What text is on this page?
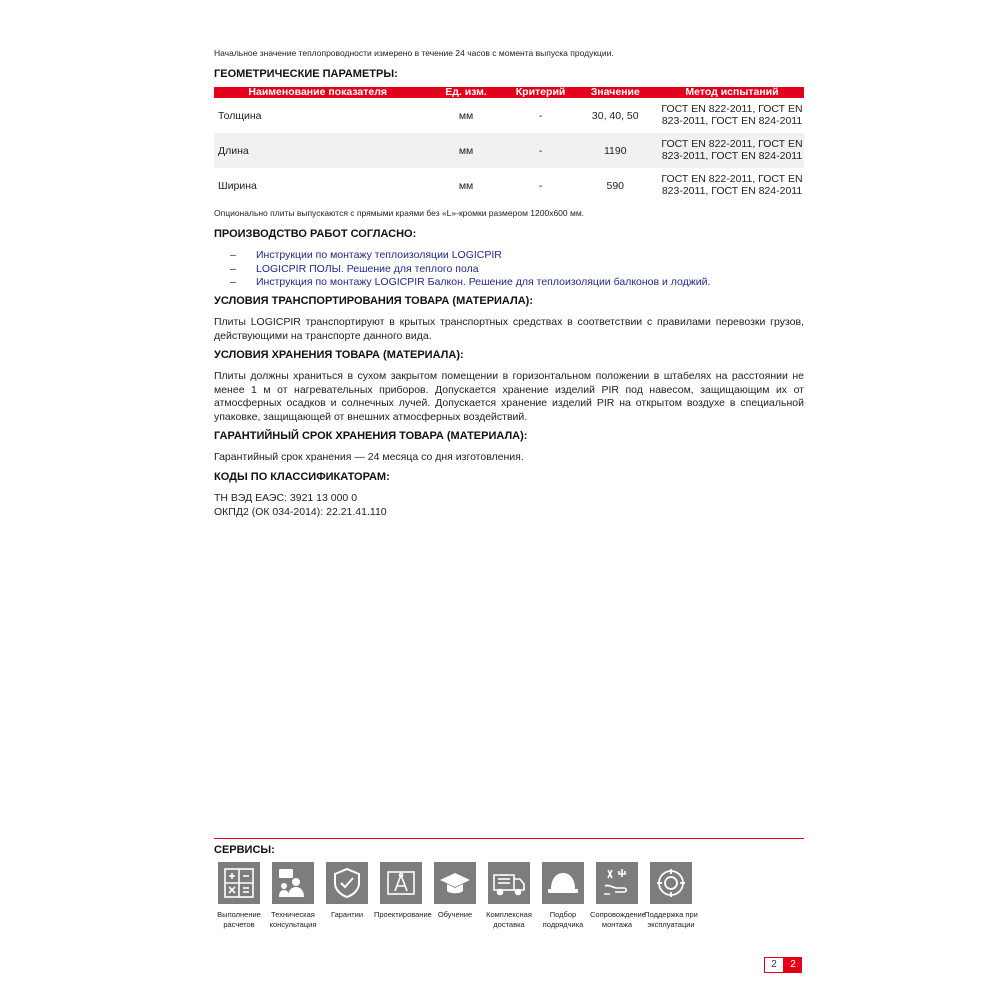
Начальное значение теплопроводности измерено в течение 24 часов с момента выпуска продукции.
ГЕОМЕТРИЧЕСКИЕ ПАРАМЕТРЫ:
Наименование показателя	Ед. изм.	Критерий	Значение	Метод испытаний
Толщина	мм	-	30, 40, 50	ГОСТ EN 822-2011, ГОСТ EN 823-2011, ГОСТ EN 824-2011
Длина	мм	-	1190	ГОСТ EN 822-2011, ГОСТ EN 823-2011, ГОСТ EN 824-2011
Ширина	мм	-	590	ГОСТ EN 822-2011, ГОСТ EN 823-2011, ГОСТ EN 824-2011
Опционально плиты выпускаются с прямыми краями без «L»-кромки размером 1200х600 мм.
ПРОИЗВОДСТВО РАБОТ СОГЛАСНО:
– Инструкции по монтажу теплоизоляции LOGICPIR
– LOGICPIR ПОЛЫ. Решение для теплого пола
– Инструкция по монтажу LOGICPIR Балкон. Решение для теплоизоляции балконов и лоджий.
УСЛОВИЯ ТРАНСПОРТИРОВАНИЯ ТОВАРА (МАТЕРИАЛА):
Плиты LOGICPIR транспортируют в крытых транспортных средствах в соответствии с правилами перевозки грузов, действующими на транспорте данного вида.
УСЛОВИЯ ХРАНЕНИЯ ТОВАРА (МАТЕРИАЛА):
Плиты должны храниться в сухом закрытом помещении в горизонтальном положении в штабелях на расстоянии не менее 1 м от нагревательных приборов. Допускается хранение изделий PIR под навесом, защищающим их от атмосферных осадков и солнечных лучей. Допускается хранение изделий PIR на открытом воздухе в специальной упаковке, защищающей от внешних атмосферных воздействий.
ГАРАНТИЙНЫЙ СРОК ХРАНЕНИЯ ТОВАРА (МАТЕРИАЛА):
Гарантийный срок хранения — 24 месяца со дня изготовления.
КОДЫ ПО КЛАССИФИКАТОРАМ:
ТН ВЭД ЕАЭС: 3921 13 000 0
ОКПД2 (ОК 034-2014): 22.21.41.110
СЕРВИСЫ:
Выполнение расчетов
Техническая консультация
Гарантии	Проектирование Обучение	Комплексная доставка
Подбор подрядчика
Сопровождение монтажа
Поддержка при эксплуатации
2	2
